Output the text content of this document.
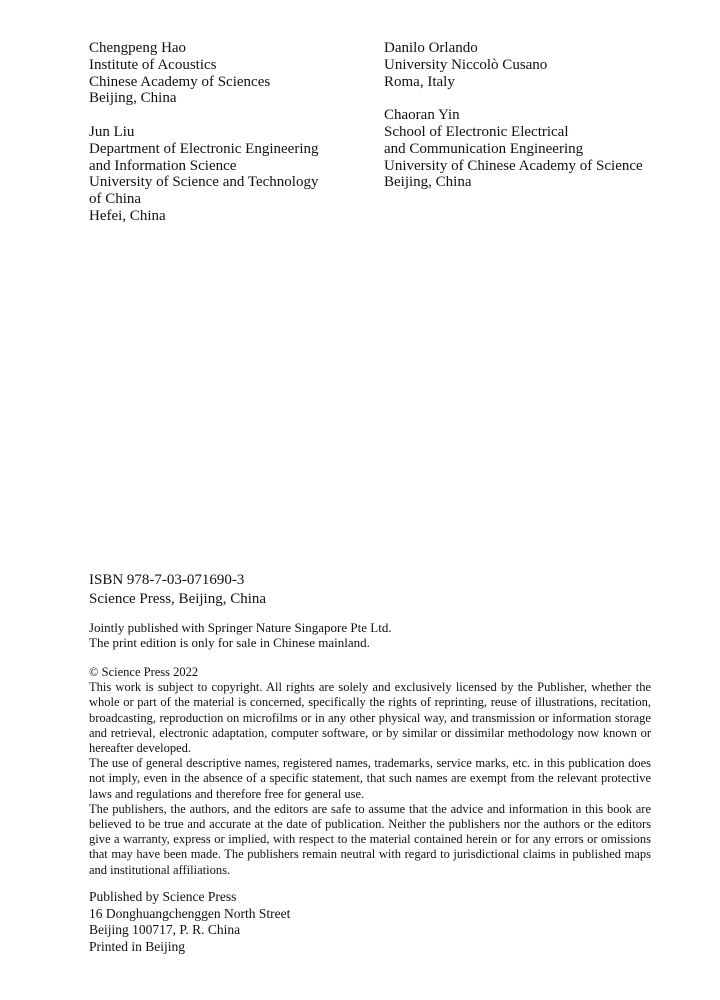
Chengpeng Hao
Institute of Acoustics
Chinese Academy of Sciences
Beijing, China
Jun Liu
Department of Electronic Engineering
and Information Science
University of Science and Technology
of China
Hefei, China
Danilo Orlando
University Niccolò Cusano
Roma, Italy
Chaoran Yin
School of Electronic Electrical
and Communication Engineering
University of Chinese Academy of Science
Beijing, China
ISBN 978-7-03-071690-3
Science Press, Beijing, China
Jointly published with Springer Nature Singapore Pte Ltd.
The print edition is only for sale in Chinese mainland.

© Science Press 2022

This work is subject to copyright. All rights are solely and exclusively licensed by the Publisher, whether the whole or part of the material is concerned, specifically the rights of reprinting, reuse of illustrations, recitation, broadcasting, reproduction on microfilms or in any other physical way, and transmission or information storage and retrieval, electronic adaptation, computer software, or by similar or dissimilar methodology now known or hereafter developed.

The use of general descriptive names, registered names, trademarks, service marks, etc. in this publication does not imply, even in the absence of a specific statement, that such names are exempt from the relevant protective laws and regulations and therefore free for general use.

The publishers, the authors, and the editors are safe to assume that the advice and information in this book are believed to be true and accurate at the date of publication. Neither the publishers nor the authors or the editors give a warranty, express or implied, with respect to the material contained herein or for any errors or omissions that may have been made. The publishers remain neutral with regard to jurisdictional claims in published maps and institutional affiliations.

Published by Science Press
16 Donghuangchenggen North Street
Beijing 100717, P. R. China
Printed in Beijing
